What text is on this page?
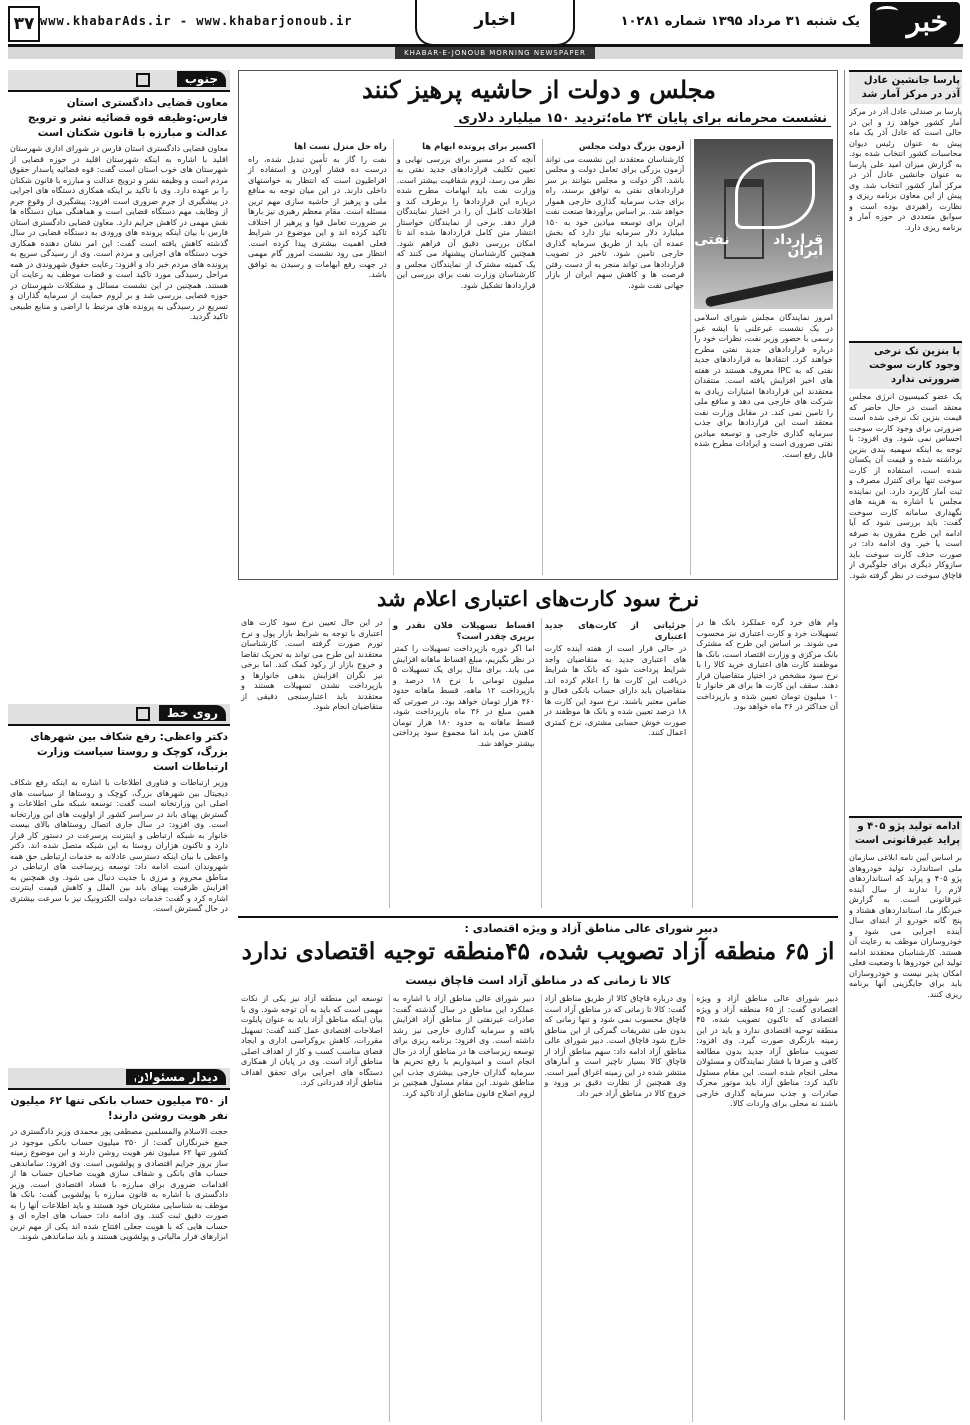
خبر
یک شنبه ۳۱ مرداد ۱۳۹۵ شماره ۱۰۲۸۱
اخبار
www.khabarAds.ir - www.khabarjonoub.ir
۳۷
KHABAR-E-JONOUB MORNING NEWSPAPER
پارسا جانشین عادل آذر در مرکز آمار شد
پارسا بر صندلی عادل آذر در مرکز آمار کشور خواهد زد و این در حالی است که عادل آذر یک ماه پیش به عنوان رئیس دیوان محاسبات کشور انتخاب شده بود. به گزارش میزان امید علی پارسا به عنوان جانشین عادل آذر در مرکز آمار کشور انتخاب شد. وی پیش از این معاون برنامه ریزی و نظارت راهبردی بوده است و سوابق متعددی در حوزه آمار و برنامه ریزی دارد.
با بنزین تک نرخی وجود کارت سوخت ضرورتی ندارد
یک عضو کمیسیون انرژی مجلس معتقد است در حال حاضر که قیمت بنزین تک نرخی شده است ضرورتی برای وجود کارت سوخت احساس نمی شود. وی افزود: با توجه به اینکه سهمیه بندی بنزین برداشته شده و قیمت آن یکسان شده است، استفاده از کارت سوخت تنها برای کنترل مصرف و ثبت آمار کاربرد دارد. این نماینده مجلس با اشاره به هزینه های نگهداری سامانه کارت سوخت گفت: باید بررسی شود که آیا ادامه این طرح مقرون به صرفه است یا خیر. وی ادامه داد: در صورت حذف کارت سوخت باید سازوکار دیگری برای جلوگیری از قاچاق سوخت در نظر گرفته شود.
ادامه تولید پژو ۴۰۵ و پراید غیرقانونی است
بر اساس آیین نامه ابلاغی سازمان ملی استاندارد، تولید خودروهای پژو ۴۰۵ و پراید که استانداردهای لازم را ندارند از سال آینده غیرقانونی است. به گزارش خبرنگار ما، استانداردهای هشتاد و پنج گانه خودرو از ابتدای سال آینده اجرایی می شود و خودروسازان موظف به رعایت آن هستند. کارشناسان معتقدند ادامه تولید این خودروها با وضعیت فعلی امکان پذیر نیست و خودروسازان باید برای جایگزینی آنها برنامه ریزی کنند.
جنوب
معاون قضایی دادگستری استان فارس:وظیفه قوه قضائیه نشر و ترویج عدالت و مبارزه با قانون شکنان است
معاون قضایی دادگستری استان فارس در شورای اداری شهرستان اقلید با اشاره به اینکه شهرستان اقلید در حوزه قضایی از شهرستان های خوب استان است گفت: قوه قضائیه پاسدار حقوق مردم است و وظیفه نشر و ترویج عدالت و مبارزه با قانون شکنان را بر عهده دارد. وی با تاکید بر اینکه همکاری دستگاه های اجرایی در پیشگیری از جرم ضروری است افزود: پیشگیری از وقوع جرم از وظایف مهم دستگاه قضایی است و هماهنگی میان دستگاه ها نقش مهمی در کاهش جرایم دارد. معاون قضایی دادگستری استان فارس با بیان اینکه پرونده های ورودی به دستگاه قضایی در سال گذشته کاهش یافته است گفت: این امر نشان دهنده همکاری خوب دستگاه های اجرایی و مردم است. وی از رسیدگی سریع به پرونده های مردم خبر داد و افزود: رعایت حقوق شهروندی در همه مراحل رسیدگی مورد تاکید است و قضات موظف به رعایت آن هستند. همچنین در این نشست مسائل و مشکلات شهرستان در حوزه قضایی بررسی شد و بر لزوم حمایت از سرمایه گذاران و تسریع در رسیدگی به پرونده های مرتبط با اراضی و منابع طبیعی تاکید گردید.
روی خط
دکتر واعظی: رفع شکاف بین شهرهای بزرگ، کوچک و روستا سیاست وزارت ارتباطات است
وزیر ارتباطات و فناوری اطلاعات با اشاره به اینکه رفع شکاف دیجیتال بین شهرهای بزرگ، کوچک و روستاها از سیاست های اصلی این وزارتخانه است گفت: توسعه شبکه ملی اطلاعات و گسترش پهنای باند در سراسر کشور از اولویت های این وزارتخانه است. وی افزود: در سال جاری اتصال روستاهای بالای بیست خانوار به شبکه ارتباطی و اینترنت پرسرعت در دستور کار قرار دارد و تاکنون هزاران روستا به این شبکه متصل شده اند. دکتر واعظی با بیان اینکه دسترسی عادلانه به خدمات ارتباطی حق همه شهروندان است ادامه داد: توسعه زیرساخت های ارتباطی در مناطق محروم و مرزی با جدیت دنبال می شود. وی همچنین به افزایش ظرفیت پهنای باند بین الملل و کاهش قیمت اینترنت اشاره کرد و گفت: خدمات دولت الکترونیک نیز با سرعت بیشتری در حال گسترش است.
دیدار مسئولان
از ۳۵۰ میلیون حساب بانکی تنها ۶۲ میلیون نفر هویت روشن دارند!
حجت الاسلام والمسلمین مصطفی پور محمدی وزیر دادگستری در جمع خبرنگاران گفت: از ۳۵۰ میلیون حساب بانکی موجود در کشور تنها ۶۲ میلیون نفر هویت روشن دارند و این موضوع زمینه ساز بروز جرایم اقتصادی و پولشویی است. وی افزود: ساماندهی حساب های بانکی و شفاف سازی هویت صاحبان حساب ها از اقدامات ضروری برای مبارزه با فساد اقتصادی است. وزیر دادگستری با اشاره به قانون مبارزه با پولشویی گفت: بانک ها موظف به شناسایی مشتریان خود هستند و باید اطلاعات آنها را به صورت دقیق ثبت کنند. وی ادامه داد: حساب های اجاره ای و حساب هایی که با هویت جعلی افتتاح شده اند یکی از مهم ترین ابزارهای فرار مالیاتی و پولشویی هستند و باید ساماندهی شوند.
مجلس و دولت از حاشیه پرهیز کنند
نشست محرمانه برای پایان ۲۴ ماه؛تردید ۱۵۰ میلیارد دلاری
قرارداد نفتی ایران
امروز نمایندگان مجلس شورای اسلامی در یک نشست غیرعلنی با ایشه غیر رسمی با حضور وزیر نفت، نظرات خود را درباره قراردادهای جدید نفتی مطرح خواهند کرد. انتقادها به قراردادهای جدید نفتی که به IPC معروف هستند در هفته های اخیر افزایش یافته است. منتقدان معتقدند این قراردادها امتیازات زیادی به شرکت های خارجی می دهد و منافع ملی را تامین نمی کند. در مقابل وزارت نفت معتقد است این قراردادها برای جذب سرمایه گذاری خارجی و توسعه میادین نفتی ضروری است و ایرادات مطرح شده قابل رفع است.
آزمون بزرگ دولت مجلس
کارشناسان معتقدند این نشست می تواند آزمون بزرگی برای تعامل دولت و مجلس باشد. اگر دولت و مجلس بتوانند بر سر قراردادهای نفتی به توافق برسند، راه برای جذب سرمایه گذاری خارجی هموار خواهد شد. بر اساس برآوردها صنعت نفت ایران برای توسعه میادین خود به ۱۵۰ میلیارد دلار سرمایه نیاز دارد که بخش عمده آن باید از طریق سرمایه گذاری خارجی تامین شود. تاخیر در تصویب قراردادها می تواند منجر به از دست رفتن فرصت ها و کاهش سهم ایران از بازار جهانی نفت شود.
اکسیر برای پرونده ابهام ها
آنچه که در مسیر برای بررسی نهایی و تعیین تکلیف قراردادهای جدید نفتی به نظر می رسد، لزوم شفافیت بیشتر است. وزارت نفت باید ابهامات مطرح شده درباره این قراردادها را برطرف کند و اطلاعات کامل آن را در اختیار نمایندگان قرار دهد. برخی از نمایندگان خواستار انتشار متن کامل قراردادها شده اند تا امکان بررسی دقیق آن فراهم شود. همچنین کارشناسان پیشنهاد می کنند که یک کمیته مشترک از نمایندگان مجلس و کارشناسان وزارت نفت برای بررسی این قراردادها تشکیل شود.
راه حل منزل نست اها
نفت را گاز به تأمین تبدیل شده، راه درست ده فشار آوردن و استفاده از افراطیون است که انتظار به خواستهای داخلی دارند. در این میان توجه به منافع ملی و پرهیز از حاشیه سازی مهم ترین مسئله است. مقام معظم رهبری نیز بارها بر ضرورت تعامل قوا و پرهیز از اختلاف تاکید کرده اند و این موضوع در شرایط فعلی اهمیت بیشتری پیدا کرده است. انتظار می رود نشست امروز گام مهمی در جهت رفع ابهامات و رسیدن به توافق باشد.
نرخ سود کارت‌های اعتباری اعلام شد
وام های خرد گره عملکرد بانک ها در تسهیلات خرد و کارت اعتباری نیز محسوب می شوند. بر اساس این طرح که مشترک بانک مرکزی و وزارت اقتصاد است، بانک ها موظفند کارت های اعتباری خرید کالا را با نرخ سود مشخص در اختیار متقاضیان قرار دهند. سقف این کارت ها برای هر خانوار تا ۱۰ میلیون تومان تعیین شده و بازپرداخت آن حداکثر در ۳۶ ماه خواهد بود.
جزئیاتی از کارت‌های جدید اعتباری
در حالی قرار است از هفته آینده کارت های اعتباری جدید به متقاضیان واجد شرایط پرداخت شود که بانک ها شرایط دریافت این کارت ها را اعلام کرده اند. متقاضیان باید دارای حساب بانکی فعال و ضامن معتبر باشند. نرخ سود این کارت ها ۱۸ درصد تعیین شده و بانک ها موظفند در صورت خوش حسابی مشتری، نرخ کمتری اعمال کنند.
اقساط تسهیلات فلان نقدر و برپری چقدر است؟
اما اگر دوره بازپرداخت تسهیلات را کمتر در نظر بگیریم، مبلغ اقساط ماهانه افزایش می یابد. برای مثال برای یک تسهیلات ۵ میلیون تومانی با نرخ ۱۸ درصد و بازپرداخت ۱۲ ماهه، قسط ماهانه حدود ۴۶۰ هزار تومان خواهد بود. در صورتی که همین مبلغ در ۳۶ ماه بازپرداخت شود، قسط ماهانه به حدود ۱۸۰ هزار تومان کاهش می یابد اما مجموع سود پرداختی بیشتر خواهد شد.
در این حال تعیین نرخ سود کارت های اعتباری با توجه به شرایط بازار پول و نرخ تورم صورت گرفته است. کارشناسان معتقدند این طرح می تواند به تحریک تقاضا و خروج بازار از رکود کمک کند. اما برخی نیز نگران افزایش بدهی خانوارها و بازپرداخت نشدن تسهیلات هستند و معتقدند باید اعتبارسنجی دقیقی از متقاضیان انجام شود.
دبیر شورای عالی مناطق آزاد و ویژه اقتصادی :
از ۶۵ منطقه آزاد تصویب شده، ۴۵منطقه توجیه اقتصادی ندارد
کالا تا زمانی که در مناطق آزاد است قاچاق نیست
دبیر شورای عالی مناطق آزاد و ویژه اقتصادی گفت: از ۶۵ منطقه آزاد و ویژه اقتصادی که تاکنون تصویب شده، ۴۵ منطقه توجیه اقتصادی ندارد و باید در این زمینه بازنگری صورت گیرد. وی افزود: تصویب مناطق آزاد جدید بدون مطالعه کافی و صرفا با فشار نمایندگان و مسئولان محلی انجام شده است. این مقام مسئول تاکید کرد: مناطق آزاد باید موتور محرک صادرات و جذب سرمایه گذاری خارجی باشند نه محلی برای واردات کالا.
وی درباره قاچاق کالا از طریق مناطق آزاد گفت: کالا تا زمانی که در مناطق آزاد است قاچاق محسوب نمی شود و تنها زمانی که بدون طی تشریفات گمرکی از این مناطق خارج شود قاچاق است. دبیر شورای عالی مناطق آزاد ادامه داد: سهم مناطق آزاد از قاچاق کالا بسیار ناچیز است و آمارهای منتشر شده در این زمینه اغراق آمیز است. وی همچنین از نظارت دقیق بر ورود و خروج کالا در مناطق آزاد خبر داد.
دبیر شورای عالی مناطق آزاد با اشاره به عملکرد این مناطق در سال گذشته گفت: صادرات غیرنفتی از مناطق آزاد افزایش یافته و سرمایه گذاری خارجی نیز رشد داشته است. وی افزود: برنامه ریزی برای توسعه زیرساخت ها در مناطق آزاد در حال انجام است و امیدواریم با رفع تحریم ها سرمایه گذاران خارجی بیشتری جذب این مناطق شوند. این مقام مسئول همچنین بر لزوم اصلاح قانون مناطق آزاد تاکید کرد.
توسعه این منطقه آزاد نیز یکی از نکات مهمی است که باید به آن توجه شود. وی با بیان اینکه مناطق آزاد باید به عنوان پایلوت اصلاحات اقتصادی عمل کنند گفت: تسهیل مقررات، کاهش بروکراسی اداری و ایجاد فضای مناسب کسب و کار از اهداف اصلی مناطق آزاد است. وی در پایان از همکاری دستگاه های اجرایی برای تحقق اهداف مناطق آزاد قدردانی کرد.
